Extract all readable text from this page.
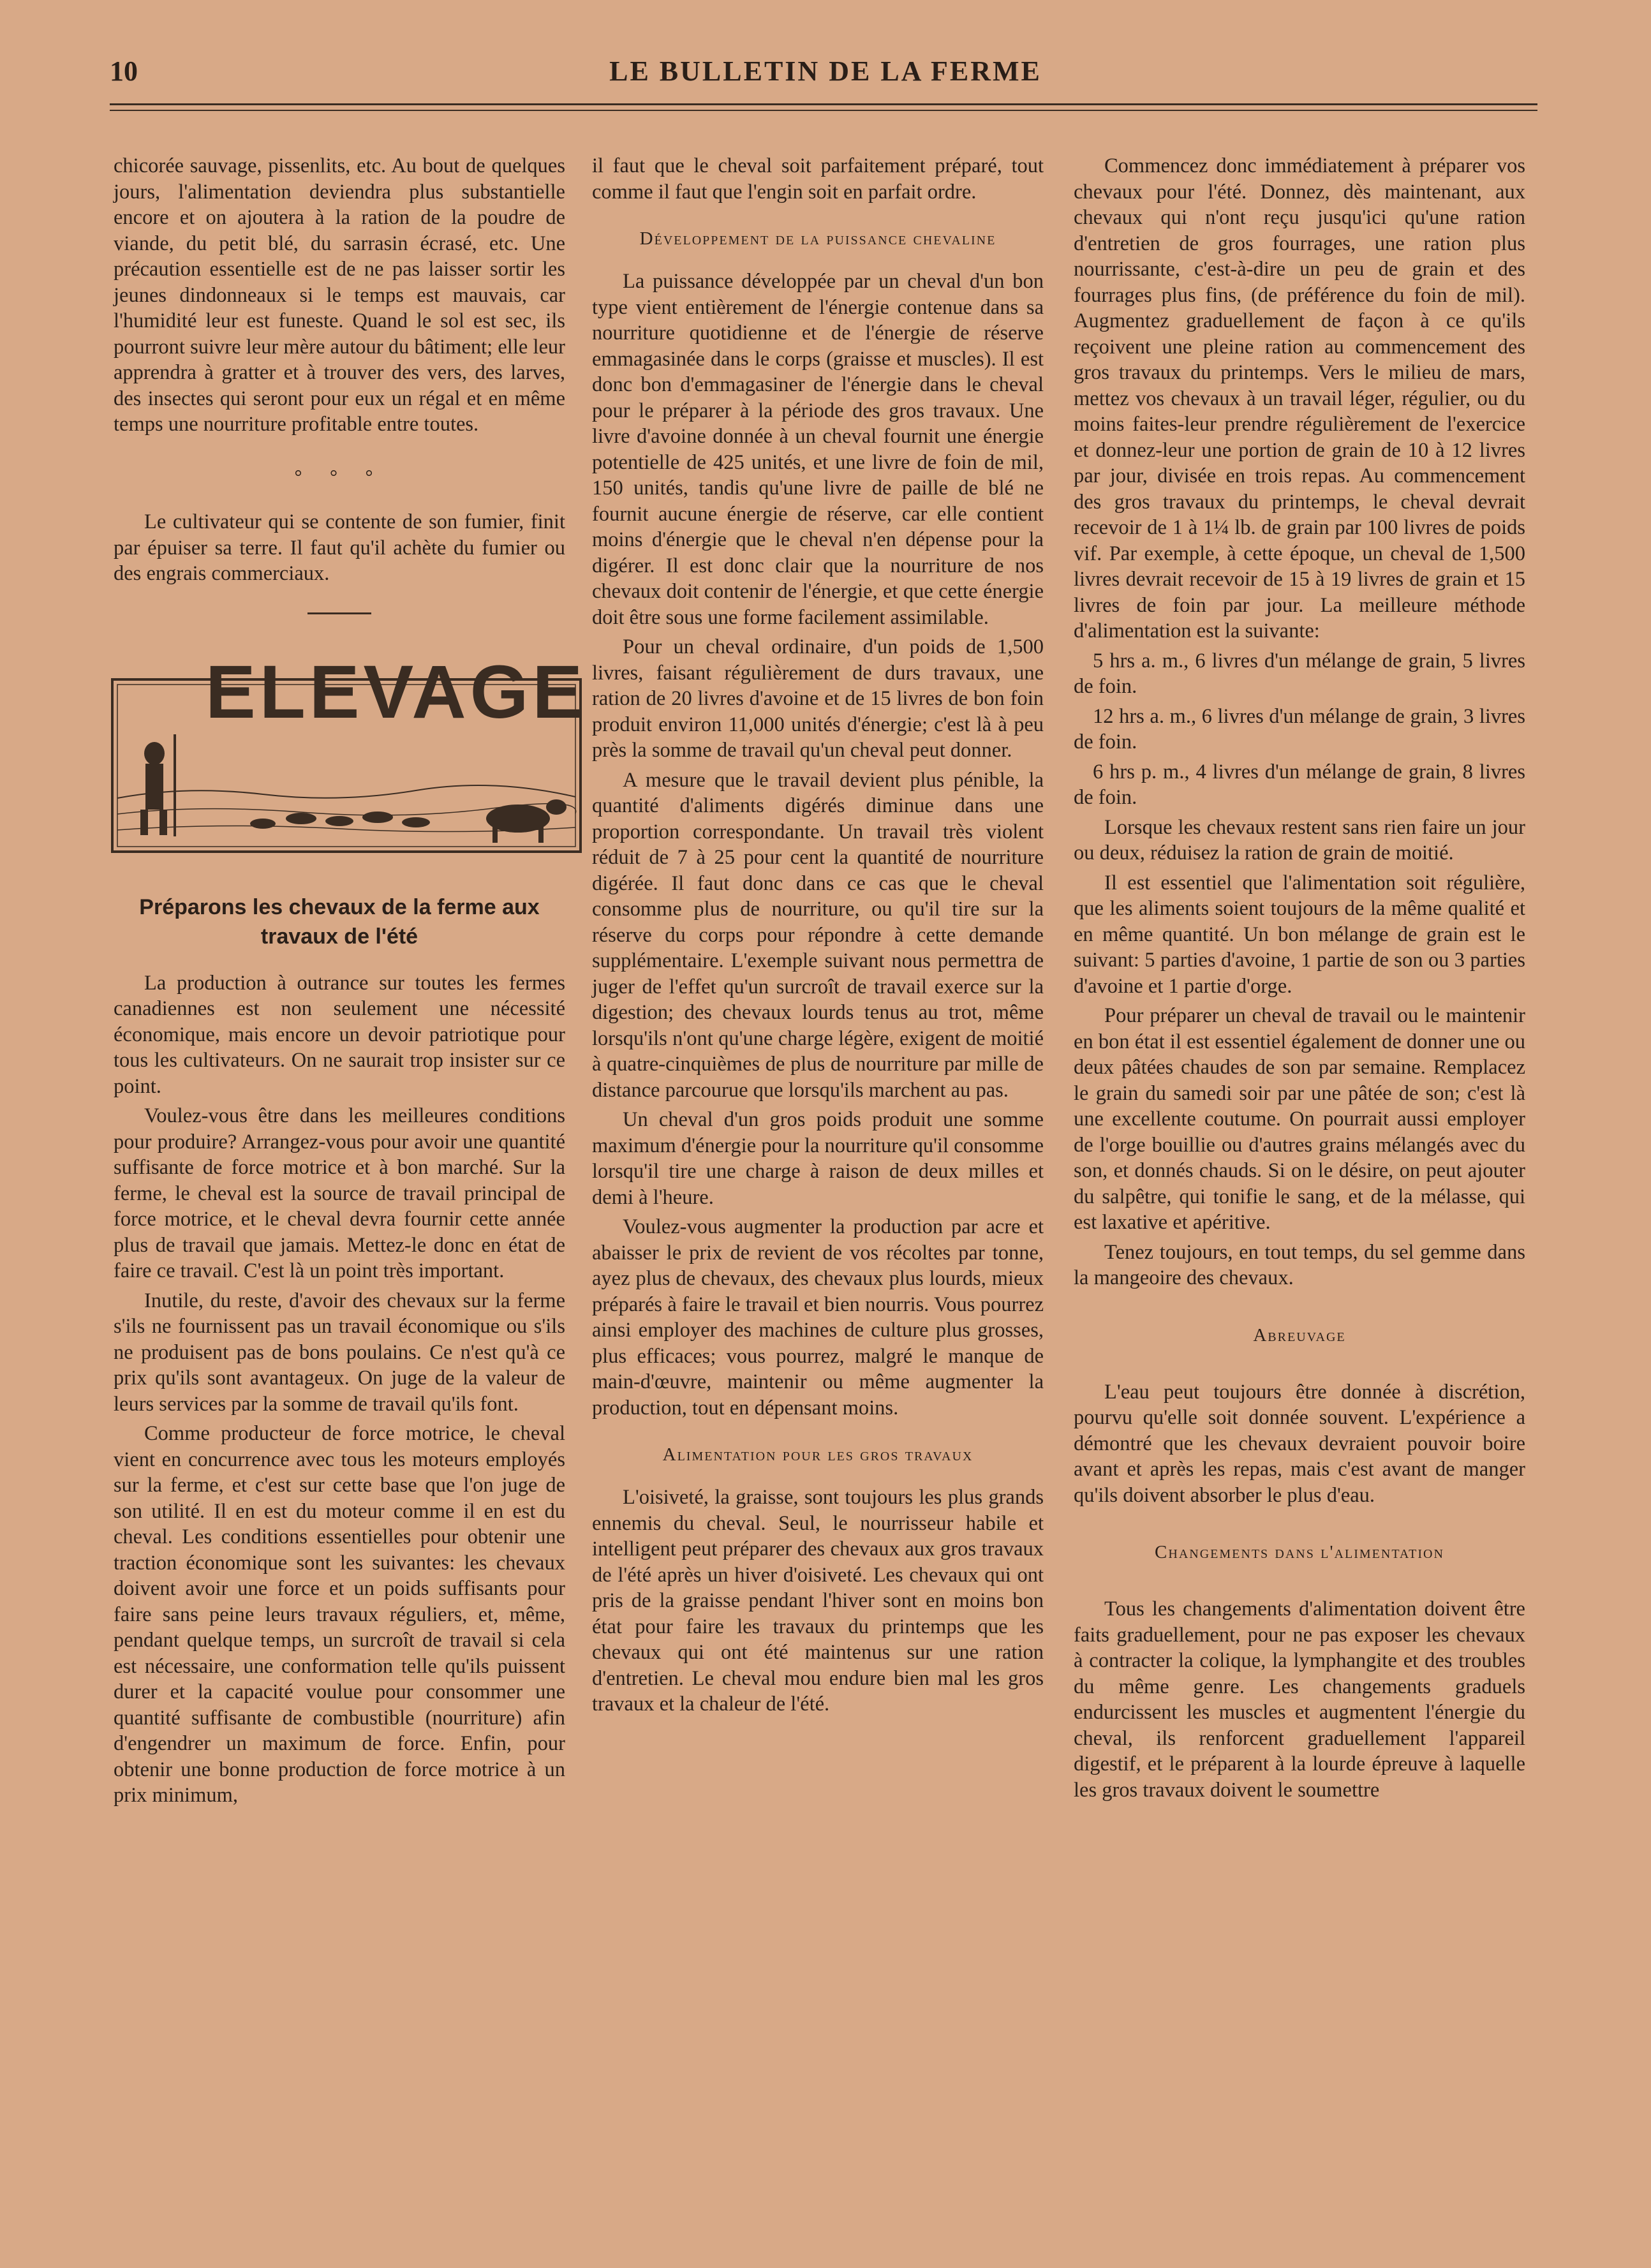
10	LE BULLETIN DE LA FERME

chicorée sauvage, pissenlits, etc. Au bout de quelques jours, l'alimentation deviendra plus substantielle encore et on ajoutera à la ration de la poudre de viande, du petit blé, du sarrasin écrasé, etc. Une précaution essentielle est de ne pas laisser sortir les jeunes dindonneaux si le temps est mauvais, car l'humidité leur est funeste. Quand le sol est sec, ils pourront suivre leur mère autour du bâtiment; elle leur apprendra à gratter et à trouver des vers, des larves, des insectes qui seront pour eux un régal et en même temps une nourriture profitable entre toutes.

° ° °

Le cultivateur qui se contente de son fumier, finit par épuiser sa terre. Il faut qu'il achète du fumier ou des engrais commerciaux.

ELEVAGE
Préparons les chevaux de la ferme aux travaux de l'été

La production à outrance sur toutes les fermes canadiennes est non seulement une nécessité économique, mais encore un devoir patriotique pour tous les cultivateurs. On ne saurait trop insister sur ce point.

Voulez-vous être dans les meilleures conditions pour produire? Arrangez-vous pour avoir une quantité suffisante de force motrice et à bon marché. Sur la ferme, le cheval est la source de travail principal de force motrice, et le cheval devra fournir cette année plus de travail que jamais. Mettez-le donc en état de faire ce travail. C'est là un point très important.

Inutile, du reste, d'avoir des chevaux sur la ferme s'ils ne fournissent pas un travail économique ou s'ils ne produisent pas de bons poulains. Ce n'est qu'à ce prix qu'ils sont avantageux. On juge de la valeur de leurs services par la somme de travail qu'ils font.

Comme producteur de force motrice, le cheval vient en concurrence avec tous les moteurs employés sur la ferme, et c'est sur cette base que l'on juge de son utilité. Il en est du moteur comme il en est du cheval. Les conditions essentielles pour obtenir une traction économique sont les suivantes: les chevaux doivent avoir une force et un poids suffisants pour faire sans peine leurs travaux réguliers, et, même, pendant quelque temps, un surcroît de travail si cela est nécessaire, une conformation telle qu'ils puissent durer et la capacité voulue pour consommer une quantité suffisante de combustible (nourriture) afin d'engendrer un maximum de force. Enfin, pour obtenir une bonne production de force motrice à un prix minimum,

il faut que le cheval soit parfaitement préparé, tout comme il faut que l'engin soit en parfait ordre.

Développement de la puissance chevaline

La puissance développée par un cheval d'un bon type vient entièrement de l'énergie contenue dans sa nourriture quotidienne et de l'énergie de réserve emmagasinée dans le corps (graisse et muscles). Il est donc bon d'emmagasiner de l'énergie dans le cheval pour le préparer à la période des gros travaux. Une livre d'avoine donnée à un cheval fournit une énergie potentielle de 425 unités, et une livre de foin de mil, 150 unités, tandis qu'une livre de paille de blé ne fournit aucune énergie de réserve, car elle contient moins d'énergie que le cheval n'en dépense pour la digérer. Il est donc clair que la nourriture de nos chevaux doit contenir de l'énergie, et que cette énergie doit être sous une forme facilement assimilable.

Pour un cheval ordinaire, d'un poids de 1,500 livres, faisant régulièrement de durs travaux, une ration de 20 livres d'avoine et de 15 livres de bon foin produit environ 11,000 unités d'énergie; c'est là à peu près la somme de travail qu'un cheval peut donner.

A mesure que le travail devient plus pénible, la quantité d'aliments digérés diminue dans une proportion correspondante. Un travail très violent réduit de 7 à 25 pour cent la quantité de nourriture digérée. Il faut donc dans ce cas que le cheval consomme plus de nourriture, ou qu'il tire sur la réserve du corps pour répondre à cette demande supplémentaire. L'exemple suivant nous permettra de juger de l'effet qu'un surcroît de travail exerce sur la digestion; des chevaux lourds tenus au trot, même lorsqu'ils n'ont qu'une charge légère, exigent de moitié à quatre-cinquièmes de plus de nourriture par mille de distance parcourue que lorsqu'ils marchent au pas.

Un cheval d'un gros poids produit une somme maximum d'énergie pour la nourriture qu'il consomme lorsqu'il tire une charge à raison de deux milles et demi à l'heure.

Voulez-vous augmenter la production par acre et abaisser le prix de revient de vos récoltes par tonne, ayez plus de chevaux, des chevaux plus lourds, mieux préparés à faire le travail et bien nourris. Vous pourrez ainsi employer des machines de culture plus grosses, plus efficaces; vous pourrez, malgré le manque de main-d'œuvre, maintenir ou même augmenter la production, tout en dépensant moins.

Alimentation pour les gros travaux

L'oisiveté, la graisse, sont toujours les plus grands ennemis du cheval. Seul, le nourrisseur habile et intelligent peut préparer des chevaux aux gros travaux de l'été après un hiver d'oisiveté. Les chevaux qui ont pris de la graisse pendant l'hiver sont en moins bon état pour faire les travaux du printemps que les chevaux qui ont été maintenus sur une ration d'entretien. Le cheval mou endure bien mal les gros travaux et la chaleur de l'été.

Commencez donc immédiatement à préparer vos chevaux pour l'été. Donnez, dès maintenant, aux chevaux qui n'ont reçu jusqu'ici qu'une ration d'entretien de gros fourrages, une ration plus nourrissante, c'est-à-dire un peu de grain et des fourrages plus fins, (de préférence du foin de mil). Augmentez graduellement de façon à ce qu'ils reçoivent une pleine ration au commencement des gros travaux du printemps. Vers le milieu de mars, mettez vos chevaux à un travail léger, régulier, ou du moins faites-leur prendre régulièrement de l'exercice et donnez-leur une portion de grain de 10 à 12 livres par jour, divisée en trois repas. Au commencement des gros travaux du printemps, le cheval devrait recevoir de 1 à 1¼ lb. de grain par 100 livres de poids vif. Par exemple, à cette époque, un cheval de 1,500 livres devrait recevoir de 15 à 19 livres de grain et 15 livres de foin par jour. La meilleure méthode d'alimentation est la suivante:

5 hrs a. m., 6 livres d'un mélange de grain, 5 livres de foin.

12 hrs a. m., 6 livres d'un mélange de grain, 3 livres de foin.

6 hrs p. m., 4 livres d'un mélange de grain, 8 livres de foin.

Lorsque les chevaux restent sans rien faire un jour ou deux, réduisez la ration de grain de moitié.

Il est essentiel que l'alimentation soit régulière, que les aliments soient toujours de la même qualité et en même quantité. Un bon mélange de grain est le suivant: 5 parties d'avoine, 1 partie de son ou 3 parties d'avoine et 1 partie d'orge.

Pour préparer un cheval de travail ou le maintenir en bon état il est essentiel également de donner une ou deux pâtées chaudes de son par semaine. Remplacez le grain du samedi soir par une pâtée de son; c'est là une excellente coutume. On pourrait aussi employer de l'orge bouillie ou d'autres grains mélangés avec du son, et donnés chauds. Si on le désire, on peut ajouter du salpêtre, qui tonifie le sang, et de la mélasse, qui est laxative et apéritive.

Tenez toujours, en tout temps, du sel gemme dans la mangeoire des chevaux.

Abreuvage

L'eau peut toujours être donnée à discrétion, pourvu qu'elle soit donnée souvent. L'expérience a démontré que les chevaux devraient pouvoir boire avant et après les repas, mais c'est avant de manger qu'ils doivent absorber le plus d'eau.

Changements dans l'alimentation

Tous les changements d'alimentation doivent être faits graduellement, pour ne pas exposer les chevaux à contracter la colique, la lymphangite et des troubles du même genre. Les changements graduels endurcissent les muscles et augmentent l'énergie du cheval, ils renforcent graduellement l'appareil digestif, et le préparent à la lourde épreuve à laquelle les gros travaux doivent le soumettre
